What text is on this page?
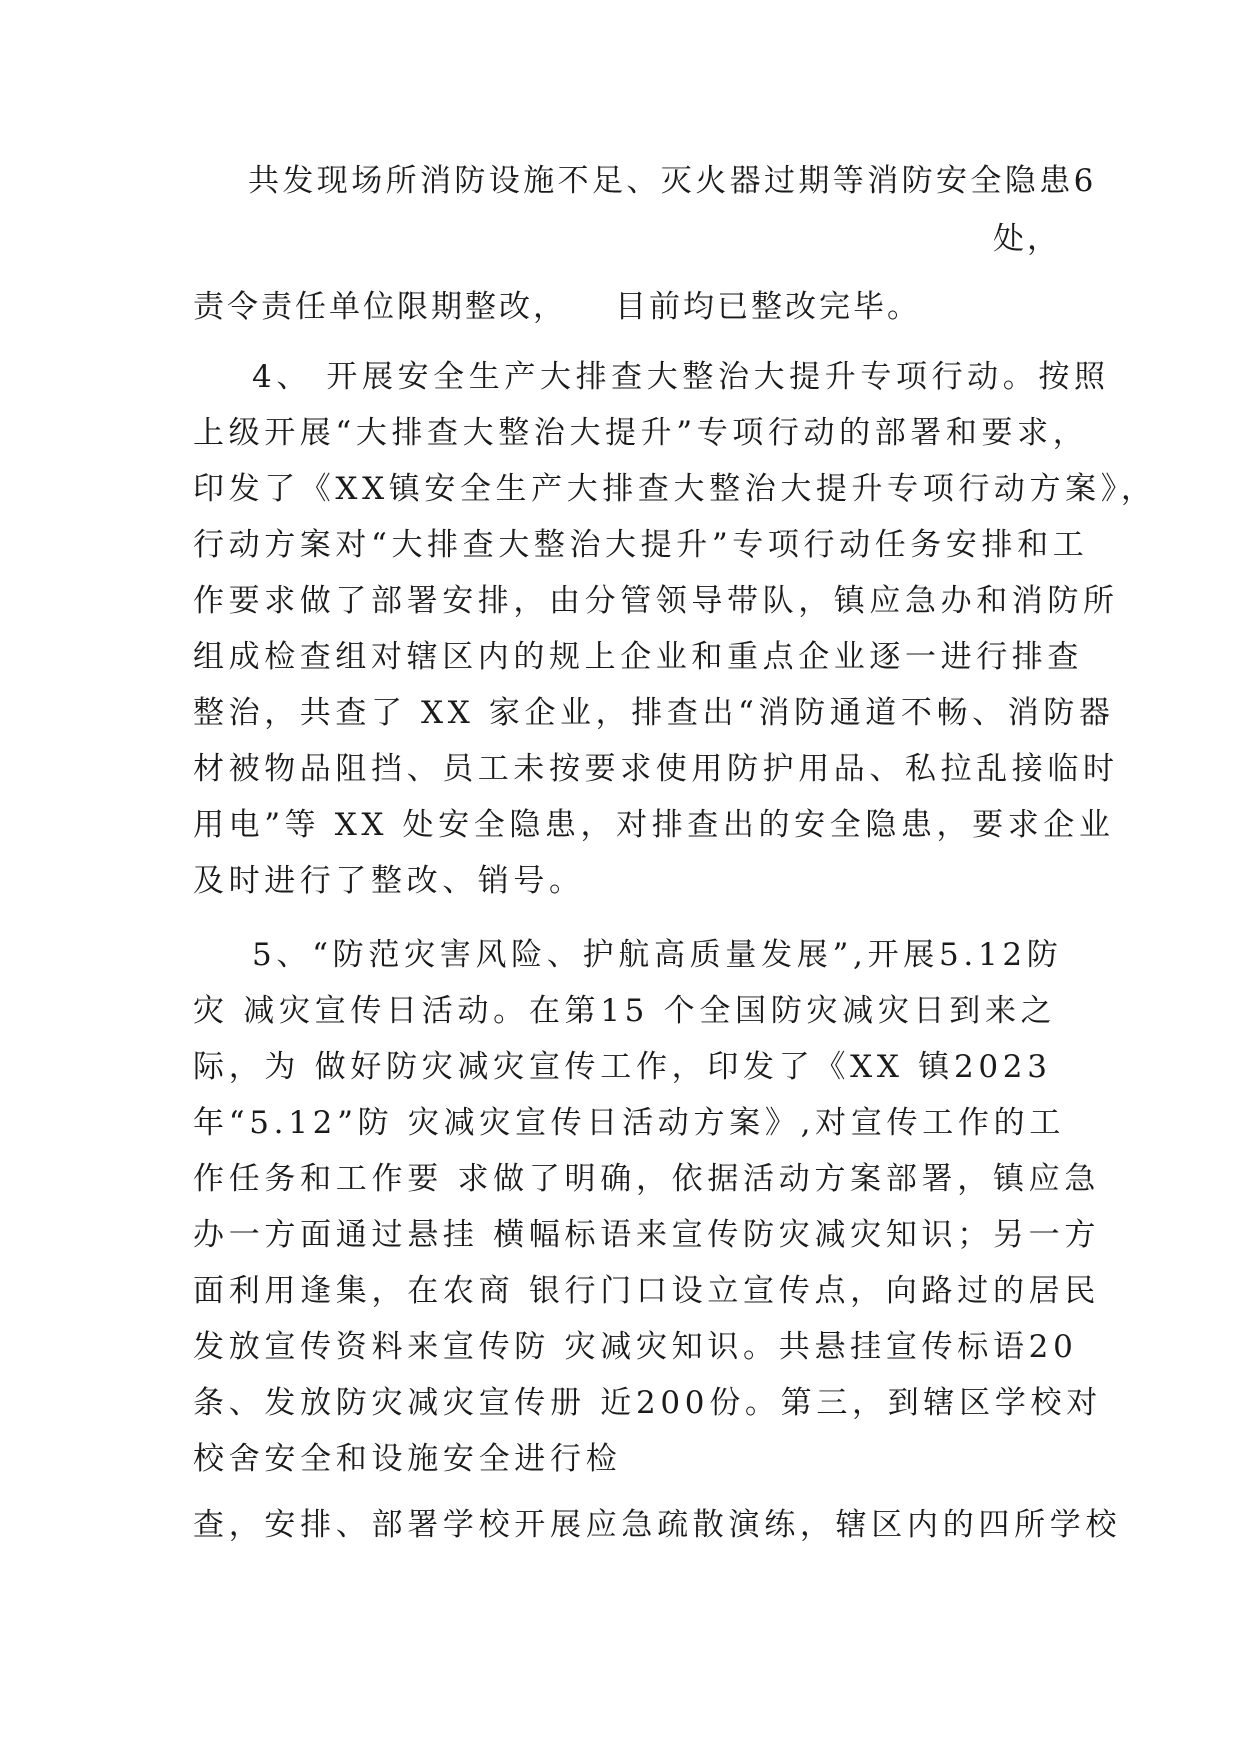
共发现场所消防设施不足、灭火器过期等消防安全隐患6
处，
责令责任单位限期整改， 目前均已整改完毕。
4、 开展安全生产大排查大整治大提升专项行动。按照
上级开展“大排查大整治大提升”专项行动的部署和要求，
印发了《XX镇安全生产大排查大整治大提升专项行动方案》，
行动方案对“大排查大整治大提升”专项行动任务安排和工
作要求做了部署安排，由分管领导带队，镇应急办和消防所
组成检查组对辖区内的规上企业和重点企业逐一进行排查
整治，共查了 XX 家企业，排查出“消防通道不畅、消防器
材被物品阻挡、员工未按要求使用防护用品、私拉乱接临时
用电”等 XX 处安全隐患，对排查出的安全隐患，要求企业
及时进行了整改、销号。
5、“防范灾害风险、护航高质量发展”,开展5.12防
灾 减灾宣传日活动。在第15 个全国防灾减灾日到来之
际，为 做好防灾减灾宣传工作，印发了《XX 镇2023
年“5.12”防 灾减灾宣传日活动方案》,对宣传工作的工
作任务和工作要 求做了明确，依据活动方案部署，镇应急
办一方面通过悬挂 横幅标语来宣传防灾减灾知识；另一方
面利用逢集，在农商 银行门口设立宣传点，向路过的居民
发放宣传资料来宣传防 灾减灾知识。共悬挂宣传标语20
条、发放防灾减灾宣传册 近200份。第三，到辖区学校对
校舍安全和设施安全进行检
查，安排、部署学校开展应急疏散演练，辖区内的四所学校
